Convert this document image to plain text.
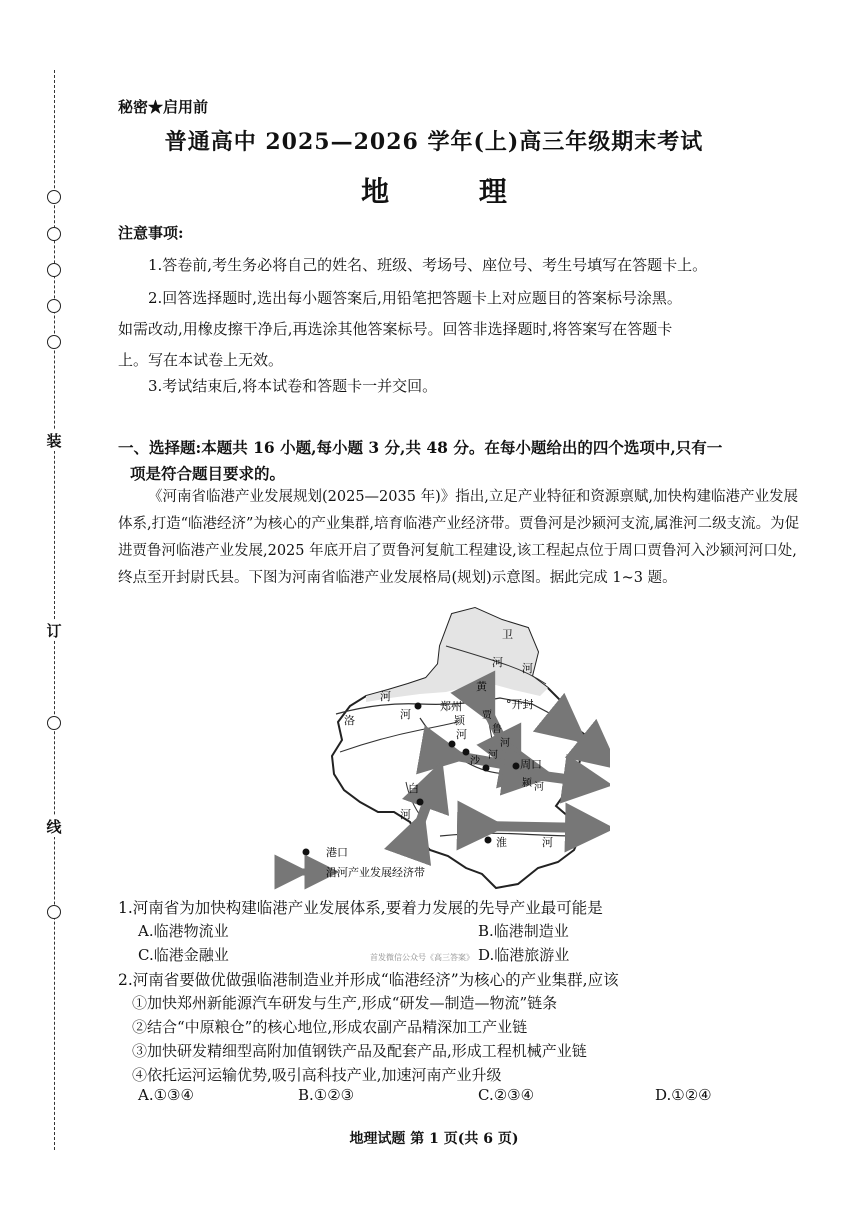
装
订
线
秘密★启用前
普通高中 2025—2026 学年(上)高三年级期末考试
地 理
注意事项:
1.答卷前,考生务必将自己的姓名、班级、考场号、座位号、考生号填写在答题卡上。
2.回答选择题时,选出每小题答案后,用铅笔把答题卡上对应题目的答案标号涂黑。
如需改动,用橡皮擦干净后,再选涂其他答案标号。回答非选择题时,将答案写在答题卡
上。写在本试卷上无效。
3.考试结束后,将本试卷和答题卡一并交回。
一、选择题:本题共 16 小题,每小题 3 分,共 48 分。在每小题给出的四个选项中,只有一
项是符合题目要求的。
《河南省临港产业发展规划(2025—2035 年)》指出,立足产业特征和资源禀赋,加快构建临港产业发展体系,打造“临港经济”为核心的产业集群,培育临港产业经济带。贾鲁河是沙颍河支流,属淮河二级支流。为促进贾鲁河临港产业发展,2025 年底开启了贾鲁河复航工程建设,该工程起点位于周口贾鲁河入沙颍河河口处,终点至开封尉氏县。下图为河南省临港产业发展格局(规划)示意图。据此完成 1~3 题。
卫
河 河
黄
河
郑州	°开封
洛	河	颍 贾
鲁
河
河
沙
河
周口
颍 河
白
河
淮	河
港口
沿河产业发展经济带
1.河南省为加快构建临港产业发展体系,要着力发展的先导产业最可能是
A.临港物流业	B.临港制造业
C.临港金融业	D.临港旅游业
首发微信公众号《高三答案》
2.河南省要做优做强临港制造业并形成“临港经济”为核心的产业集群,应该
①加快郑州新能源汽车研发与生产,形成“研发—制造—物流”链条
②结合“中原粮仓”的核心地位,形成农副产品精深加工产业链
③加快研发精细型高附加值钢铁产品及配套产品,形成工程机械产业链
④依托运河运输优势,吸引高科技产业,加速河南产业升级
A.①③④	B.①②③	C.②③④	D.①②④
地理试题 第 1 页(共 6 页)
